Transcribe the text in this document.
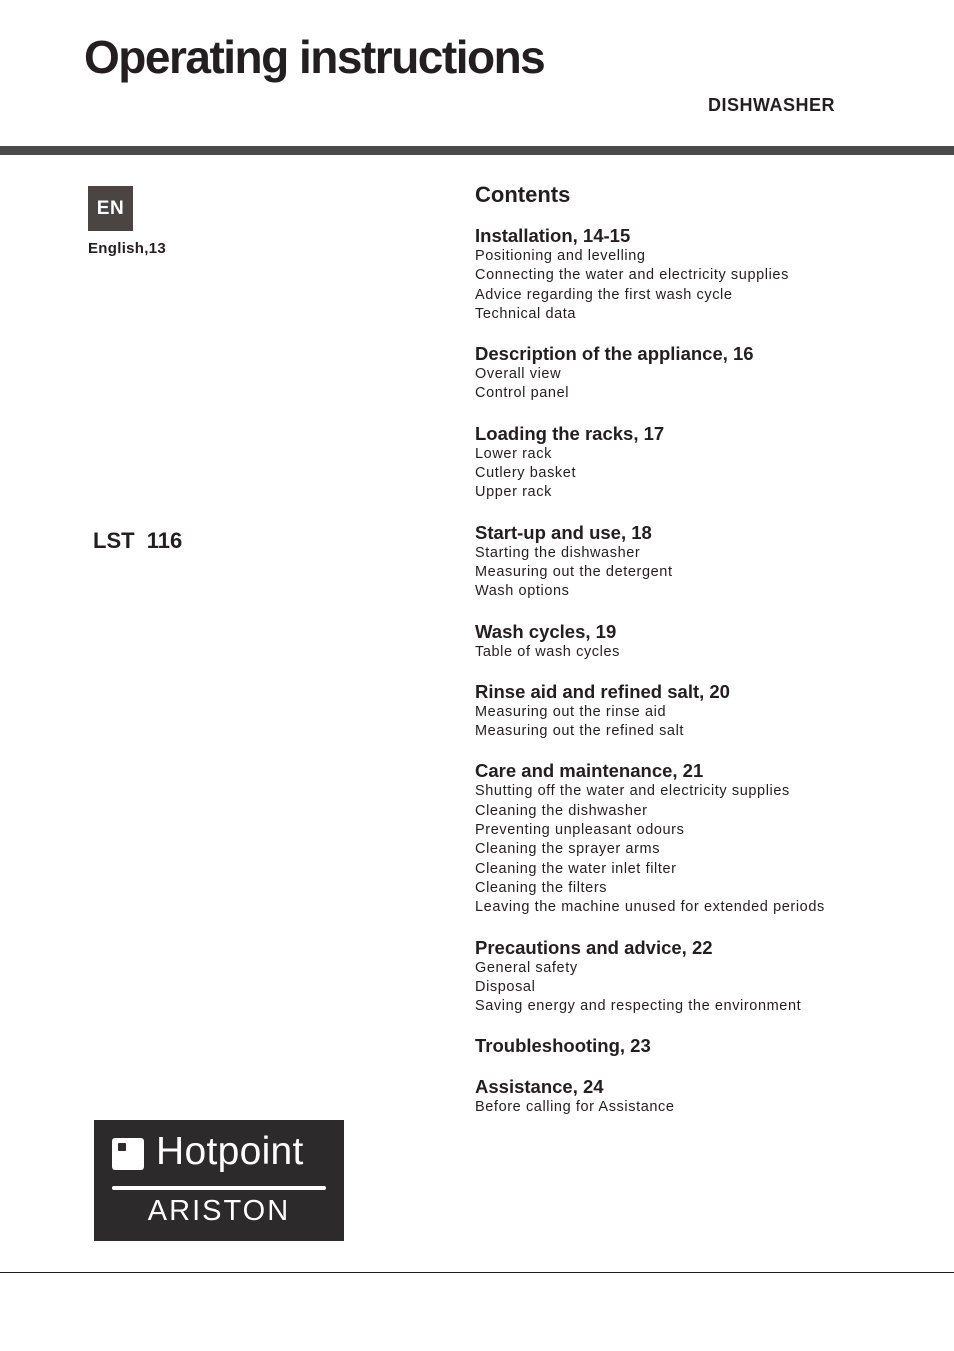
Operating instructions
DISHWASHER
EN
English,13
LST  116
Contents
Installation, 14-15
Positioning and levelling
Connecting the water and electricity supplies
Advice regarding the first wash cycle
Technical data
Description of the appliance, 16
Overall view
Control panel
Loading the racks, 17
Lower rack
Cutlery basket
Upper rack
Start-up and use, 18
Starting the dishwasher
Measuring out the detergent
Wash options
Wash cycles, 19
Table of wash cycles
Rinse aid and refined salt, 20
Measuring out the rinse aid
Measuring out the refined salt
Care and maintenance, 21
Shutting off the water and electricity supplies
Cleaning the dishwasher
Preventing unpleasant odours
Cleaning the sprayer arms
Cleaning the water inlet filter
Cleaning the filters
Leaving the machine unused for extended periods
Precautions and advice, 22
General safety
Disposal
Saving energy and respecting the environment
Troubleshooting, 23
Assistance, 24
Before calling for Assistance
Hotpoint
ARISTON
